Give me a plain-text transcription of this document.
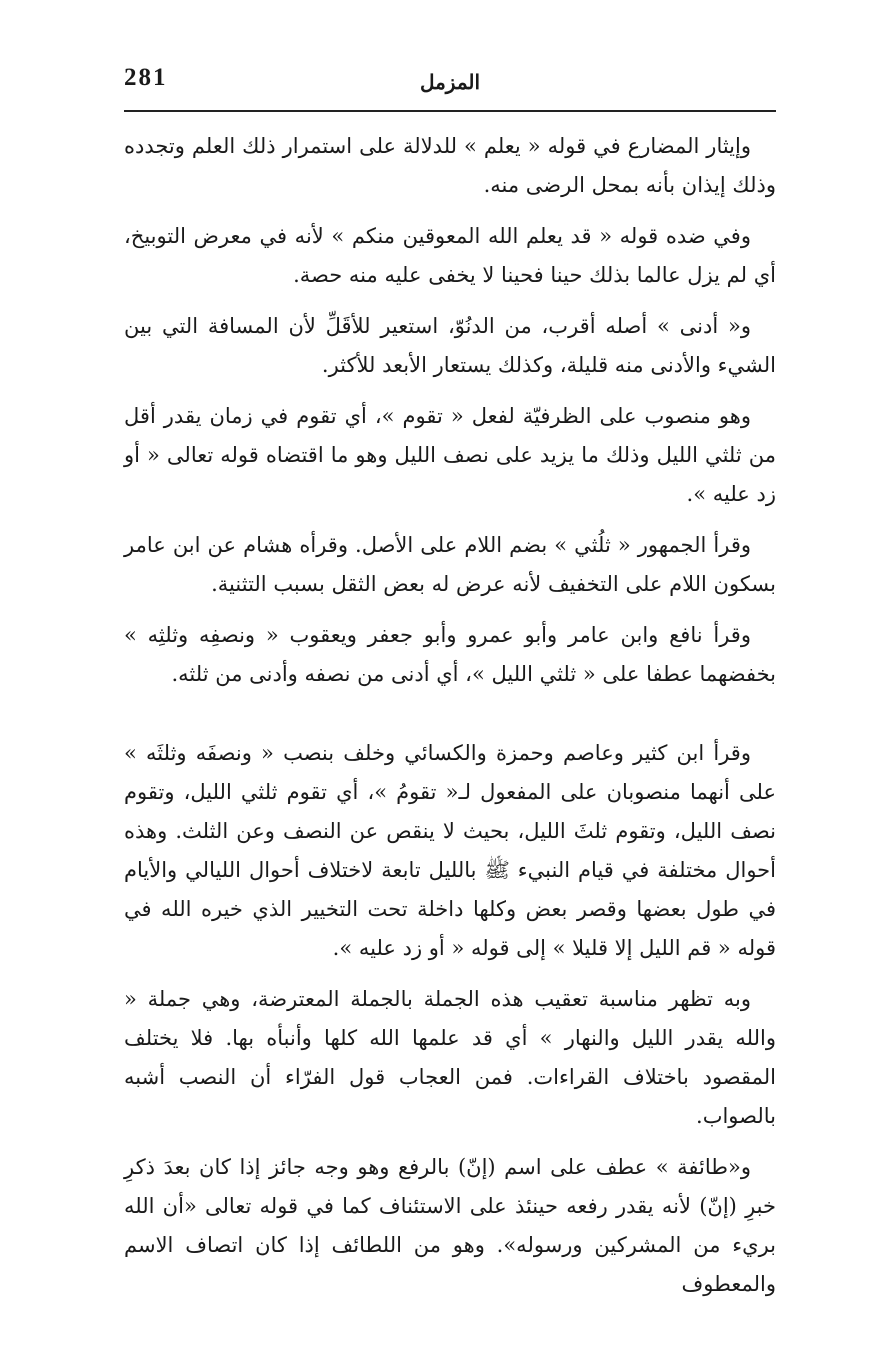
281	المزمل

وإيثار المضارع في قوله « يعلم » للدلالة على استمرار ذلك العلم وتجدده وذلك إيذان بأنه بمحل الرضى منه.

وفي ضده قوله « قد يعلم الله المعوقين منكم » لأنه في معرض التوبيخ، أي لم يزل عالما بذلك حينا فحينا لا يخفى عليه منه حصة.

و« أدنى » أصله أقرب، من الدنُوّ، استعير للأقَلِّ لأن المسافة التي بين الشيء والأدنى منه قليلة، وكذلك يستعار الأبعد للأكثر.

وهو منصوب على الظرفيّة لفعل « تقوم »، أي تقوم في زمان يقدر أقل من ثلثي الليل وذلك ما يزيد على نصف الليل وهو ما اقتضاه قوله تعالى « أو زد عليه ».

وقرأ الجمهور « ثلُثي » بضم اللام على الأصل. وقرأه هشام عن ابن عامر بسكون اللام على التخفيف لأنه عرض له بعض الثقل بسبب التثنية.

وقرأ نافع وابن عامر وأبو عمرو وأبو جعفر ويعقوب « ونصفِه وثلثِه » بخفضهما عطفا على « ثلثي الليل »، أي أدنى من نصفه وأدنى من ثلثه.

وقرأ ابن كثير وعاصم وحمزة والكسائي وخلف بنصب « ونصفَه وثلثَه » على أنهما منصوبان على المفعول لـ« تقومُ »، أي تقوم ثلثي الليل، وتقوم نصف الليل، وتقوم ثلثَ الليل، بحيث لا ينقص عن النصف وعن الثلث. وهذه أحوال مختلفة في قيام النبيء ﷺ بالليل تابعة لاختلاف أحوال الليالي والأيام في طول بعضها وقصر بعض وكلها داخلة تحت التخيير الذي خيره الله في قوله « قم الليل إلا قليلا » إلى قوله « أو زد عليه ».

وبه تظهر مناسبة تعقيب هذه الجملة بالجملة المعترضة، وهي جملة « والله يقدر الليل والنهار » أي قد علمها الله كلها وأنبأه بها. فلا يختلف المقصود باختلاف القراءات. فمن العجاب قول الفرّاء أن النصب أشبه بالصواب.

و«طائفة » عطف على اسم (إنّ) بالرفع وهو وجه جائز إذا كان بعدَ ذكرِ خبرِ (إنّ) لأنه يقدر رفعه حينئذ على الاستئناف كما في قوله تعالى «أن الله بريء من المشركين ورسوله». وهو من اللطائف إذا كان اتصاف الاسم والمعطوف
